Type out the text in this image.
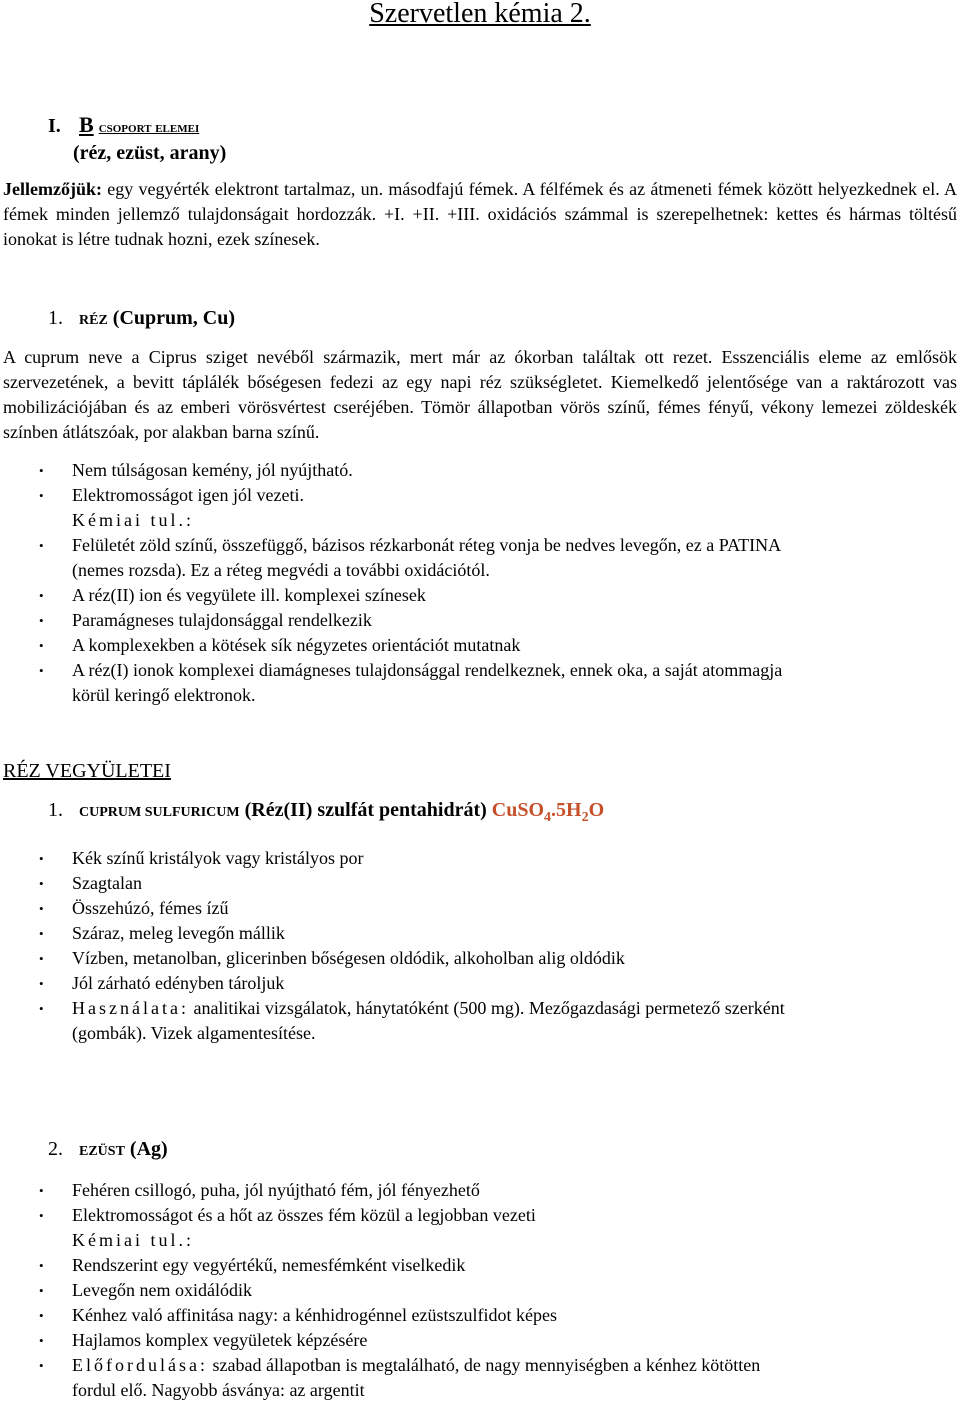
Szervetlen kémia 2.
I. B csoport elemei
(réz, ezüst, arany)
Jellemzőjük: egy vegyérték elektront tartalmaz, un. másodfajú fémek. A félfémek és az átmeneti fémek között helyezkednek el. A fémek minden jellemző tulajdonságait hordozzák. +I. +II. +III. oxidációs számmal is szerepelhetnek: kettes és hármas töltésű ionokat is létre tudnak hozni, ezek színesek.
1. RÉZ (Cuprum, Cu)
A cuprum neve a Ciprus sziget nevéből származik, mert már az ókorban találtak ott rezet. Esszenciális eleme az emlősök szervezetének, a bevitt táplálék bőségesen fedezi az egy napi réz szükségletet. Kiemelkedő jelentősége van a raktározott vas mobilizációjában és az emberi vörösvértest cseréjében. Tömör állapotban vörös színű, fémes fényű, vékony lemezei zöldeskék színben átlátszóak, por alakban barna színű.
• Nem túlságosan kemény, jól nyújtható.
• Elektromosságot igen jól vezeti.
Kémiai tul.:
• Felületét zöld színű, összefüggő, bázisos rézkarbonát réteg vonja be nedves levegőn, ez a PATINA
(nemes rozsda). Ez a réteg megvédi a további oxidációtól.
• A réz(II) ion és vegyülete ill. komplexei színesek
• Paramágneses tulajdonsággal rendelkezik
• A komplexekben a kötések sík négyzetes orientációt mutatnak
• A réz(I) ionok komplexei diamágneses tulajdonsággal rendelkeznek, ennek oka, a saját atommagja
körül keringő elektronok.
RÉZ VEGYÜLETEI
1. CUPRUM SULFURICUM (Réz(II) szulfát pentahidrát) $CuSO_4.5H_2O$
• Kék színű kristályok vagy kristályos por
• Szagtalan
• Összehúzó, fémes ízű
• Száraz, meleg levegőn mállik
• Vízben, metanolban, glicerinben bőségesen oldódik, alkoholban alig oldódik
• Jól zárható edényben tároljuk
• Használata: analitikai vizsgálatok, hánytatóként (500 mg). Mezőgazdasági permetező szerként
(gombák). Vizek algamentesítése.
2. EZÜST (Ag)
• Fehéren csillogó, puha, jól nyújtható fém, jól fényezhető
• Elektromosságot és a hőt az összes fém közül a legjobban vezeti
Kémiai tul.:
• Rendszerint egy vegyértékű, nemesfémként viselkedik
• Levegőn nem oxidálódik
• Kénhez való affinitása nagy: a kénhidrogénnel ezüstszulfidot képes
• Hajlamos komplex vegyületek képzésére
• Előfordulása: szabad állapotban is megtalálható, de nagy mennyiségben a kénhez kötötten
fordul elő. Nagyobb ásványa: az argentit
